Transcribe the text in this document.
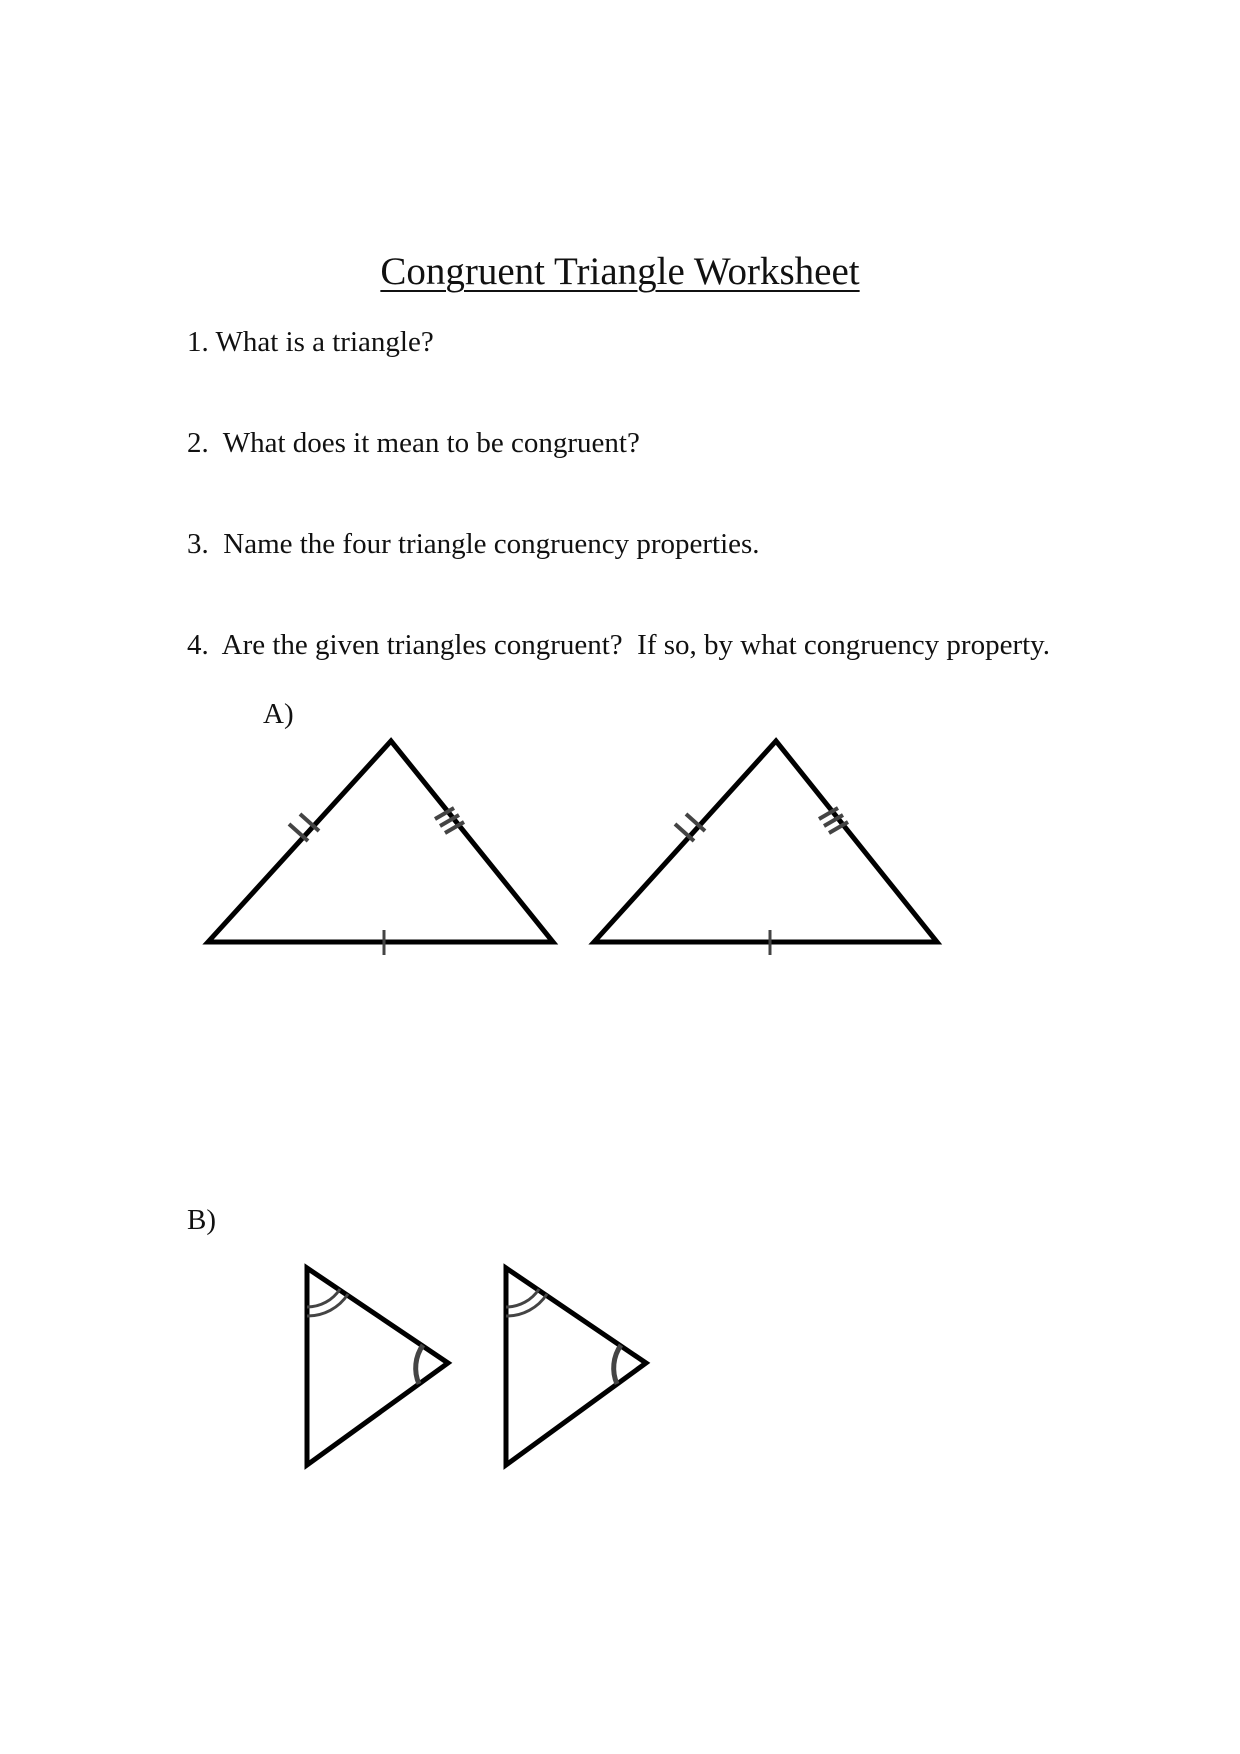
Congruent Triangle Worksheet

1. What is a triangle?

2.  What does it mean to be congruent?

3.  Name the four triangle congruency properties.

4.  Are the given triangles congruent?  If so, by what congruency property.

A)

B)
